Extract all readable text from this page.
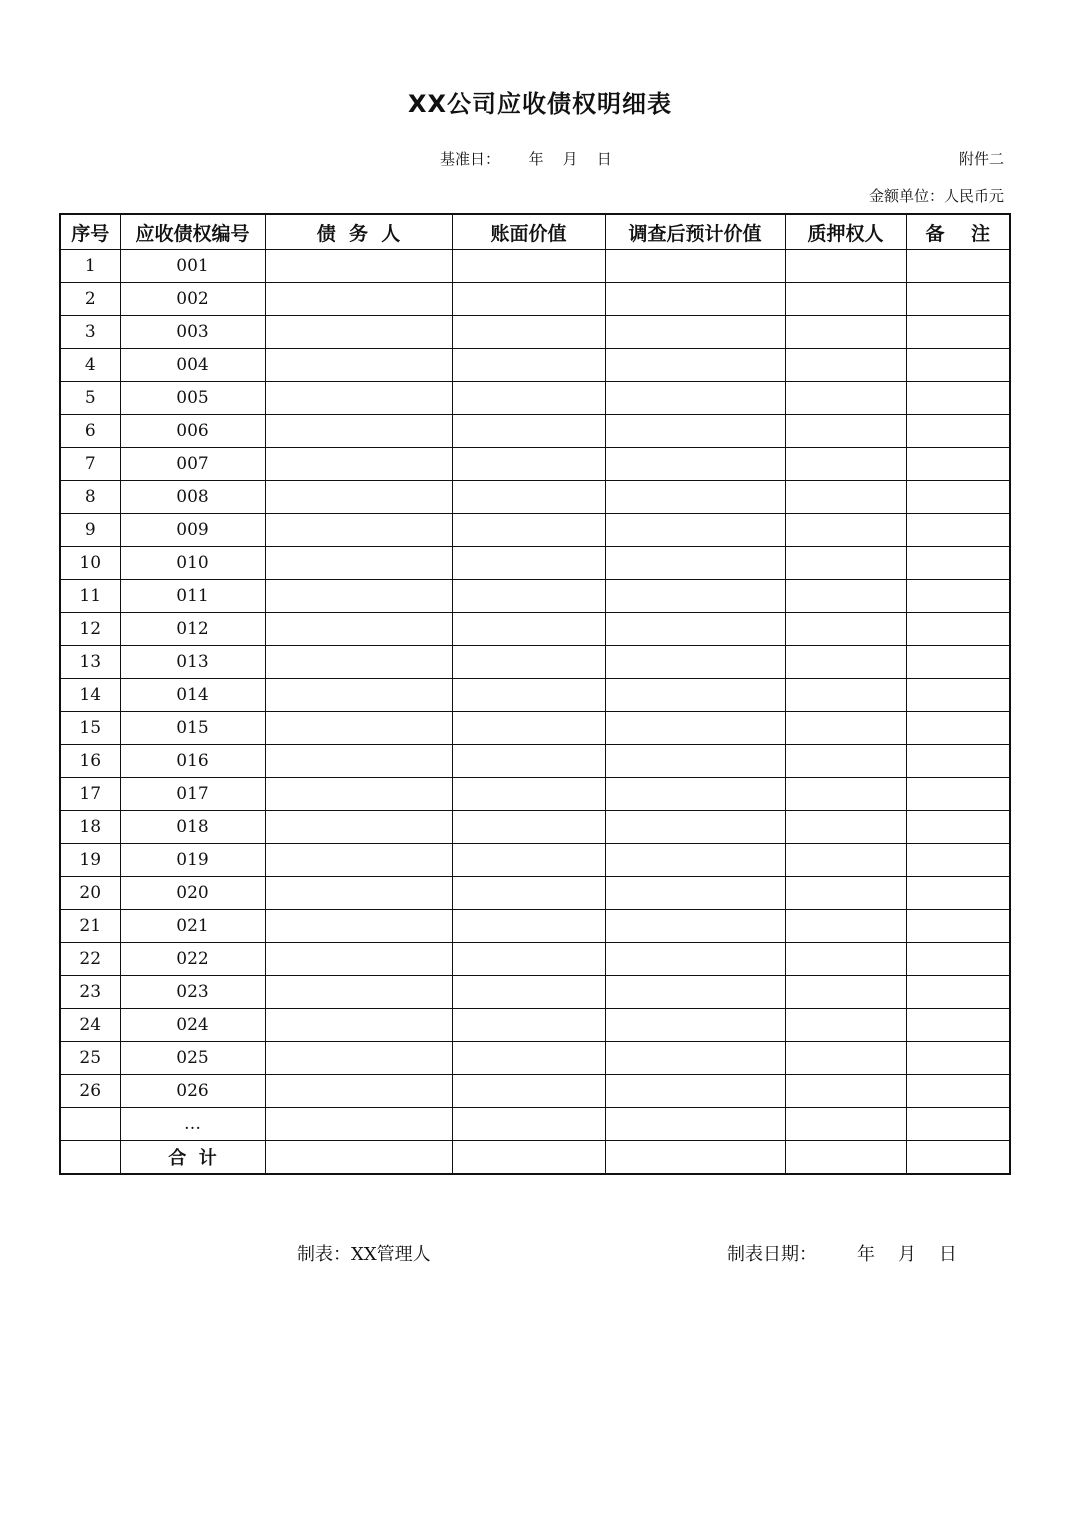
XX公司应收债权明细表
基准日：      年    月    日	附件二
金额单位：人民币元
序号	应收债权编号	债  务  人	账面价值	调查后预计价值	质押权人	备    注
1	001					
2	002					
3	003					
4	004					
5	005					
6	006					
7	007					
8	008					
9	009					
10	010					
11	011					
12	012					
13	013					
14	014					
15	015					
16	016					
17	017					
18	018					
19	019					
20	020					
21	021					
22	022					
23	023					
24	024					
25	025					
26	026					
	…					
	合  计					
制表：XX管理人	制表日期：       年    月    日
